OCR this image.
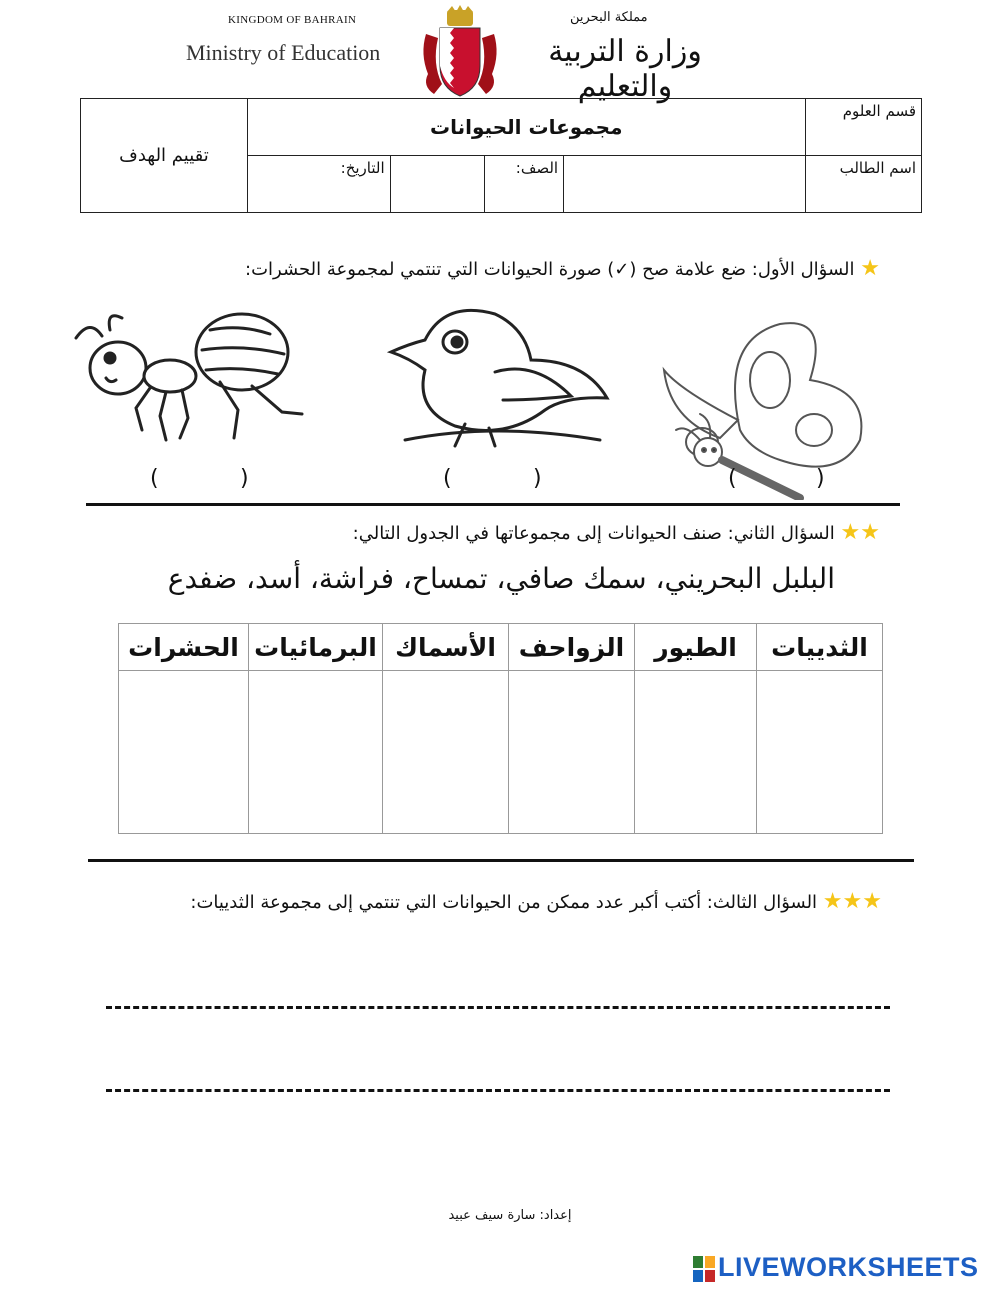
KINGDOM OF BAHRAIN
Ministry of Education
مملكة البحرين
وزارة التربية والتعليم
قسم العلوم	مجموعات الحيوانات				تقييم الهدف
اسم الطالب		الصف:		التاريخ:	
★ السؤال الأول: ضع علامة صح (✓) صورة الحيوانات التي تنتمي لمجموعة الحشرات:
(	)	(	)	)
(
★★ السؤال الثاني: صنف الحيوانات إلى مجموعاتها في الجدول التالي:
البلبل البحريني، سمك صافي، تمساح، فراشة، أسد، ضفدع
الثدييات	الطيور	الزواحف	الأسماك	البرمائيات	الحشرات

★★★ السؤال الثالث: أكتب أكبر عدد ممكن من الحيوانات التي تنتمي إلى مجموعة الثدييات:
إعداد: سارة سيف عبيد
LIVEWORKSHEETS
